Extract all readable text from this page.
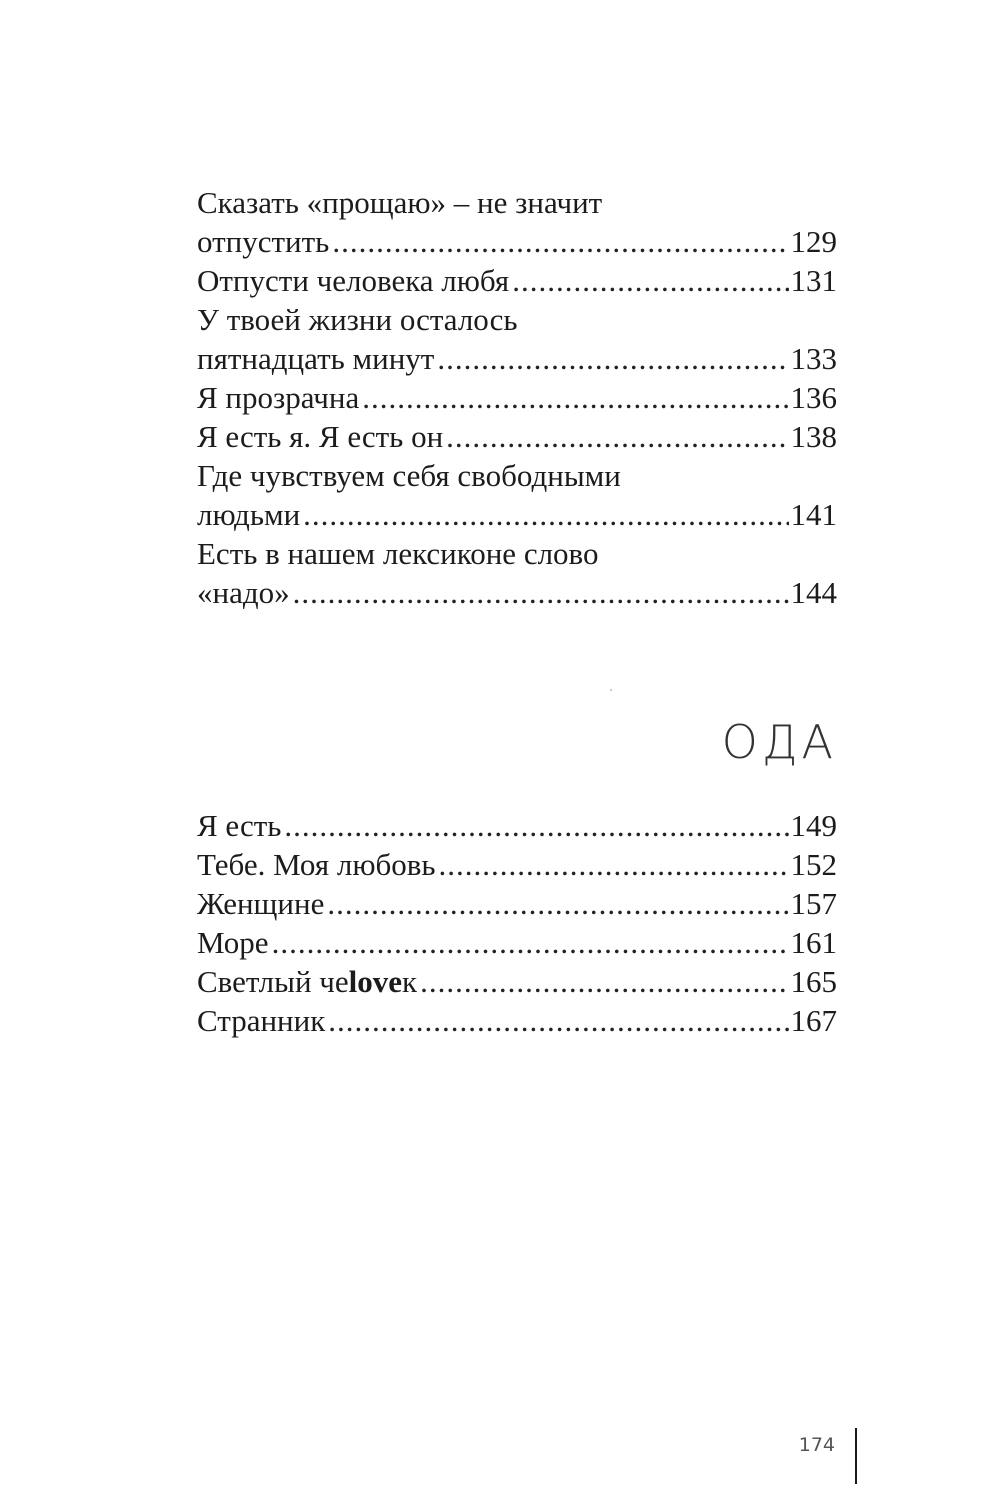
Сказать «прощаю» – не значит
отпустить .....	129
Отпусти человека любя .....	131
У твоей жизни осталось
пятнадцать минут .....	133
Я прозрачна .....	136
Я есть я. Я есть он .....	138
Где чувствуем себя свободными
людьми .....	141
Есть в нашем лексиконе слово
«надо» .....	144
ОДА
Я есть .....	149
Тебе. Моя любовь .....	152
Женщине .....	157
Море .....	161
Светлый чеloveк .....	165
Странник .....	167
174
